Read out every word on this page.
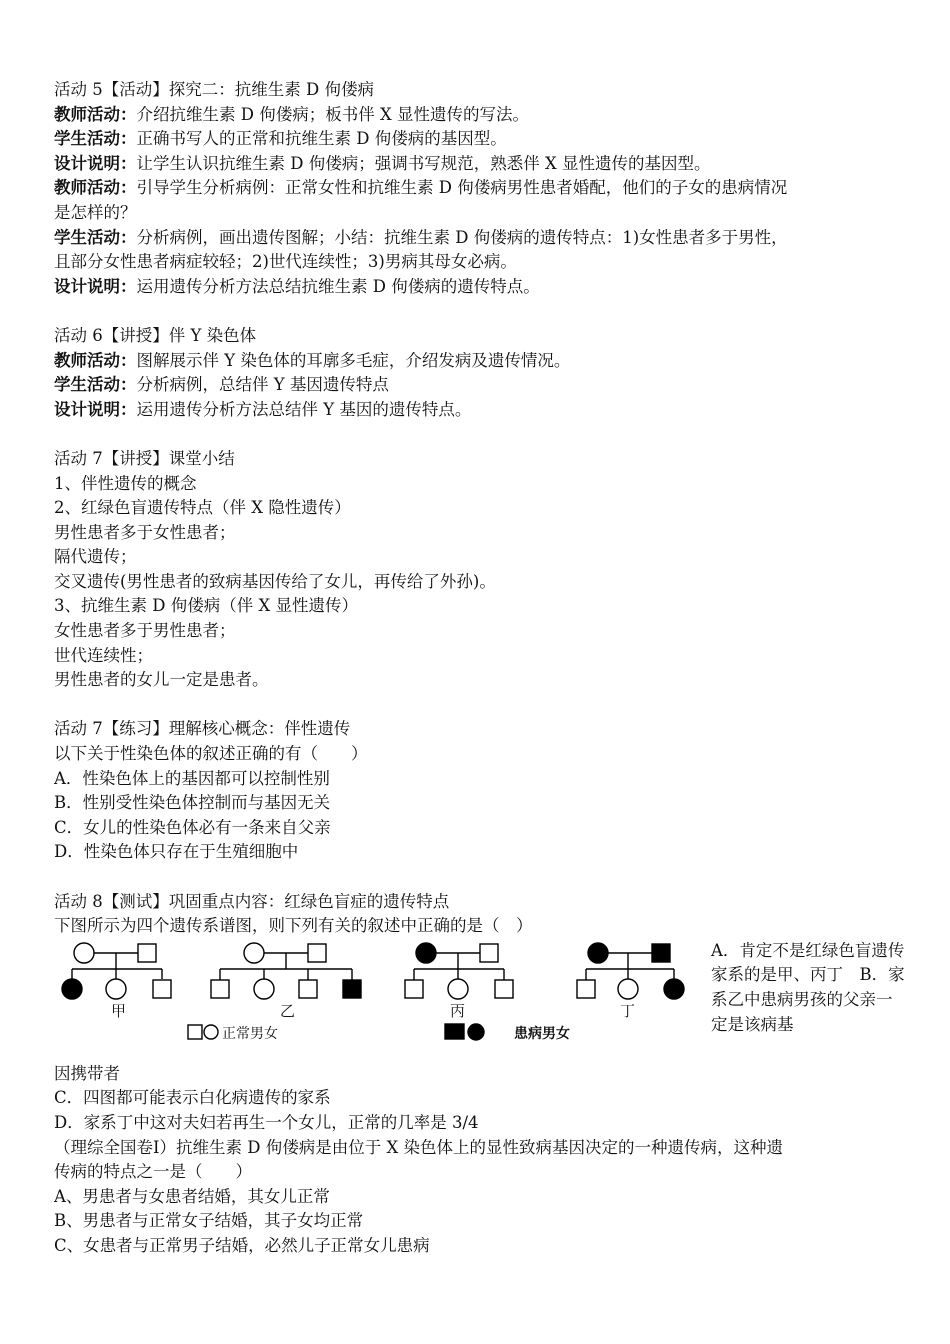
活动 5【活动】探究二：抗维生素 D 佝偻病
教师活动：介绍抗维生素 D 佝偻病；板书伴 X 显性遗传的写法。
学生活动：正确书写人的正常和抗维生素 D 佝偻病的基因型。
设计说明：让学生认识抗维生素 D 佝偻病；强调书写规范，熟悉伴 X 显性遗传的基因型。
教师活动：引导学生分析病例：正常女性和抗维生素 D 佝偻病男性患者婚配，他们的子女的患病情况
是怎样的？
学生活动：分析病例，画出遗传图解；小结：抗维生素 D 佝偻病的遗传特点：1)女性患者多于男性，
且部分女性患者病症较轻；2)世代连续性；3)男病其母女必病。
设计说明：运用遗传分析方法总结抗维生素 D 佝偻病的遗传特点。
活动 6【讲授】伴 Y 染色体
教师活动：图解展示伴 Y 染色体的耳廓多毛症，介绍发病及遗传情况。
学生活动：分析病例，总结伴 Y 基因遗传特点
设计说明：运用遗传分析方法总结伴 Y 基因的遗传特点。
活动 7【讲授】课堂小结
1、伴性遗传的概念
2、红绿色盲遗传特点（伴 X 隐性遗传）
男性患者多于女性患者；
隔代遗传；
交叉遗传(男性患者的致病基因传给了女儿，再传给了外孙)。
3、抗维生素 D 佝偻病（伴 X 显性遗传）
女性患者多于男性患者；
世代连续性；
男性患者的女儿一定是患者。
活动 7【练习】理解核心概念：伴性遗传
以下关于性染色体的叙述正确的有（　　）
A．性染色体上的基因都可以控制性别
B．性别受性染色体控制而与基因无关
C．女儿的性染色体必有一条来自父亲
D．性染色体只存在于生殖细胞中
活动 8【测试】巩固重点内容：红绿色盲症的遗传特点
下图所示为四个遗传系谱图，则下列有关的叙述中正确的是（　）
甲	乙	丙	丁
正常男女	患病男女
A．肯定不是红绿色盲遗传家系的是甲、丙丁　B．家系乙中患病男孩的父亲一定是该病基
因携带者
C．四图都可能表示白化病遗传的家系
D．家系丁中这对夫妇若再生一个女儿，正常的几率是 3/4
（理综全国卷Ⅰ）抗维生素 D 佝偻病是由位于 X 染色体上的显性致病基因决定的一种遗传病，这种遗
传病的特点之一是（　　）
A、男患者与女患者结婚，其女儿正常
B、男患者与正常女子结婚，其子女均正常
C、女患者与正常男子结婚，必然儿子正常女儿患病
